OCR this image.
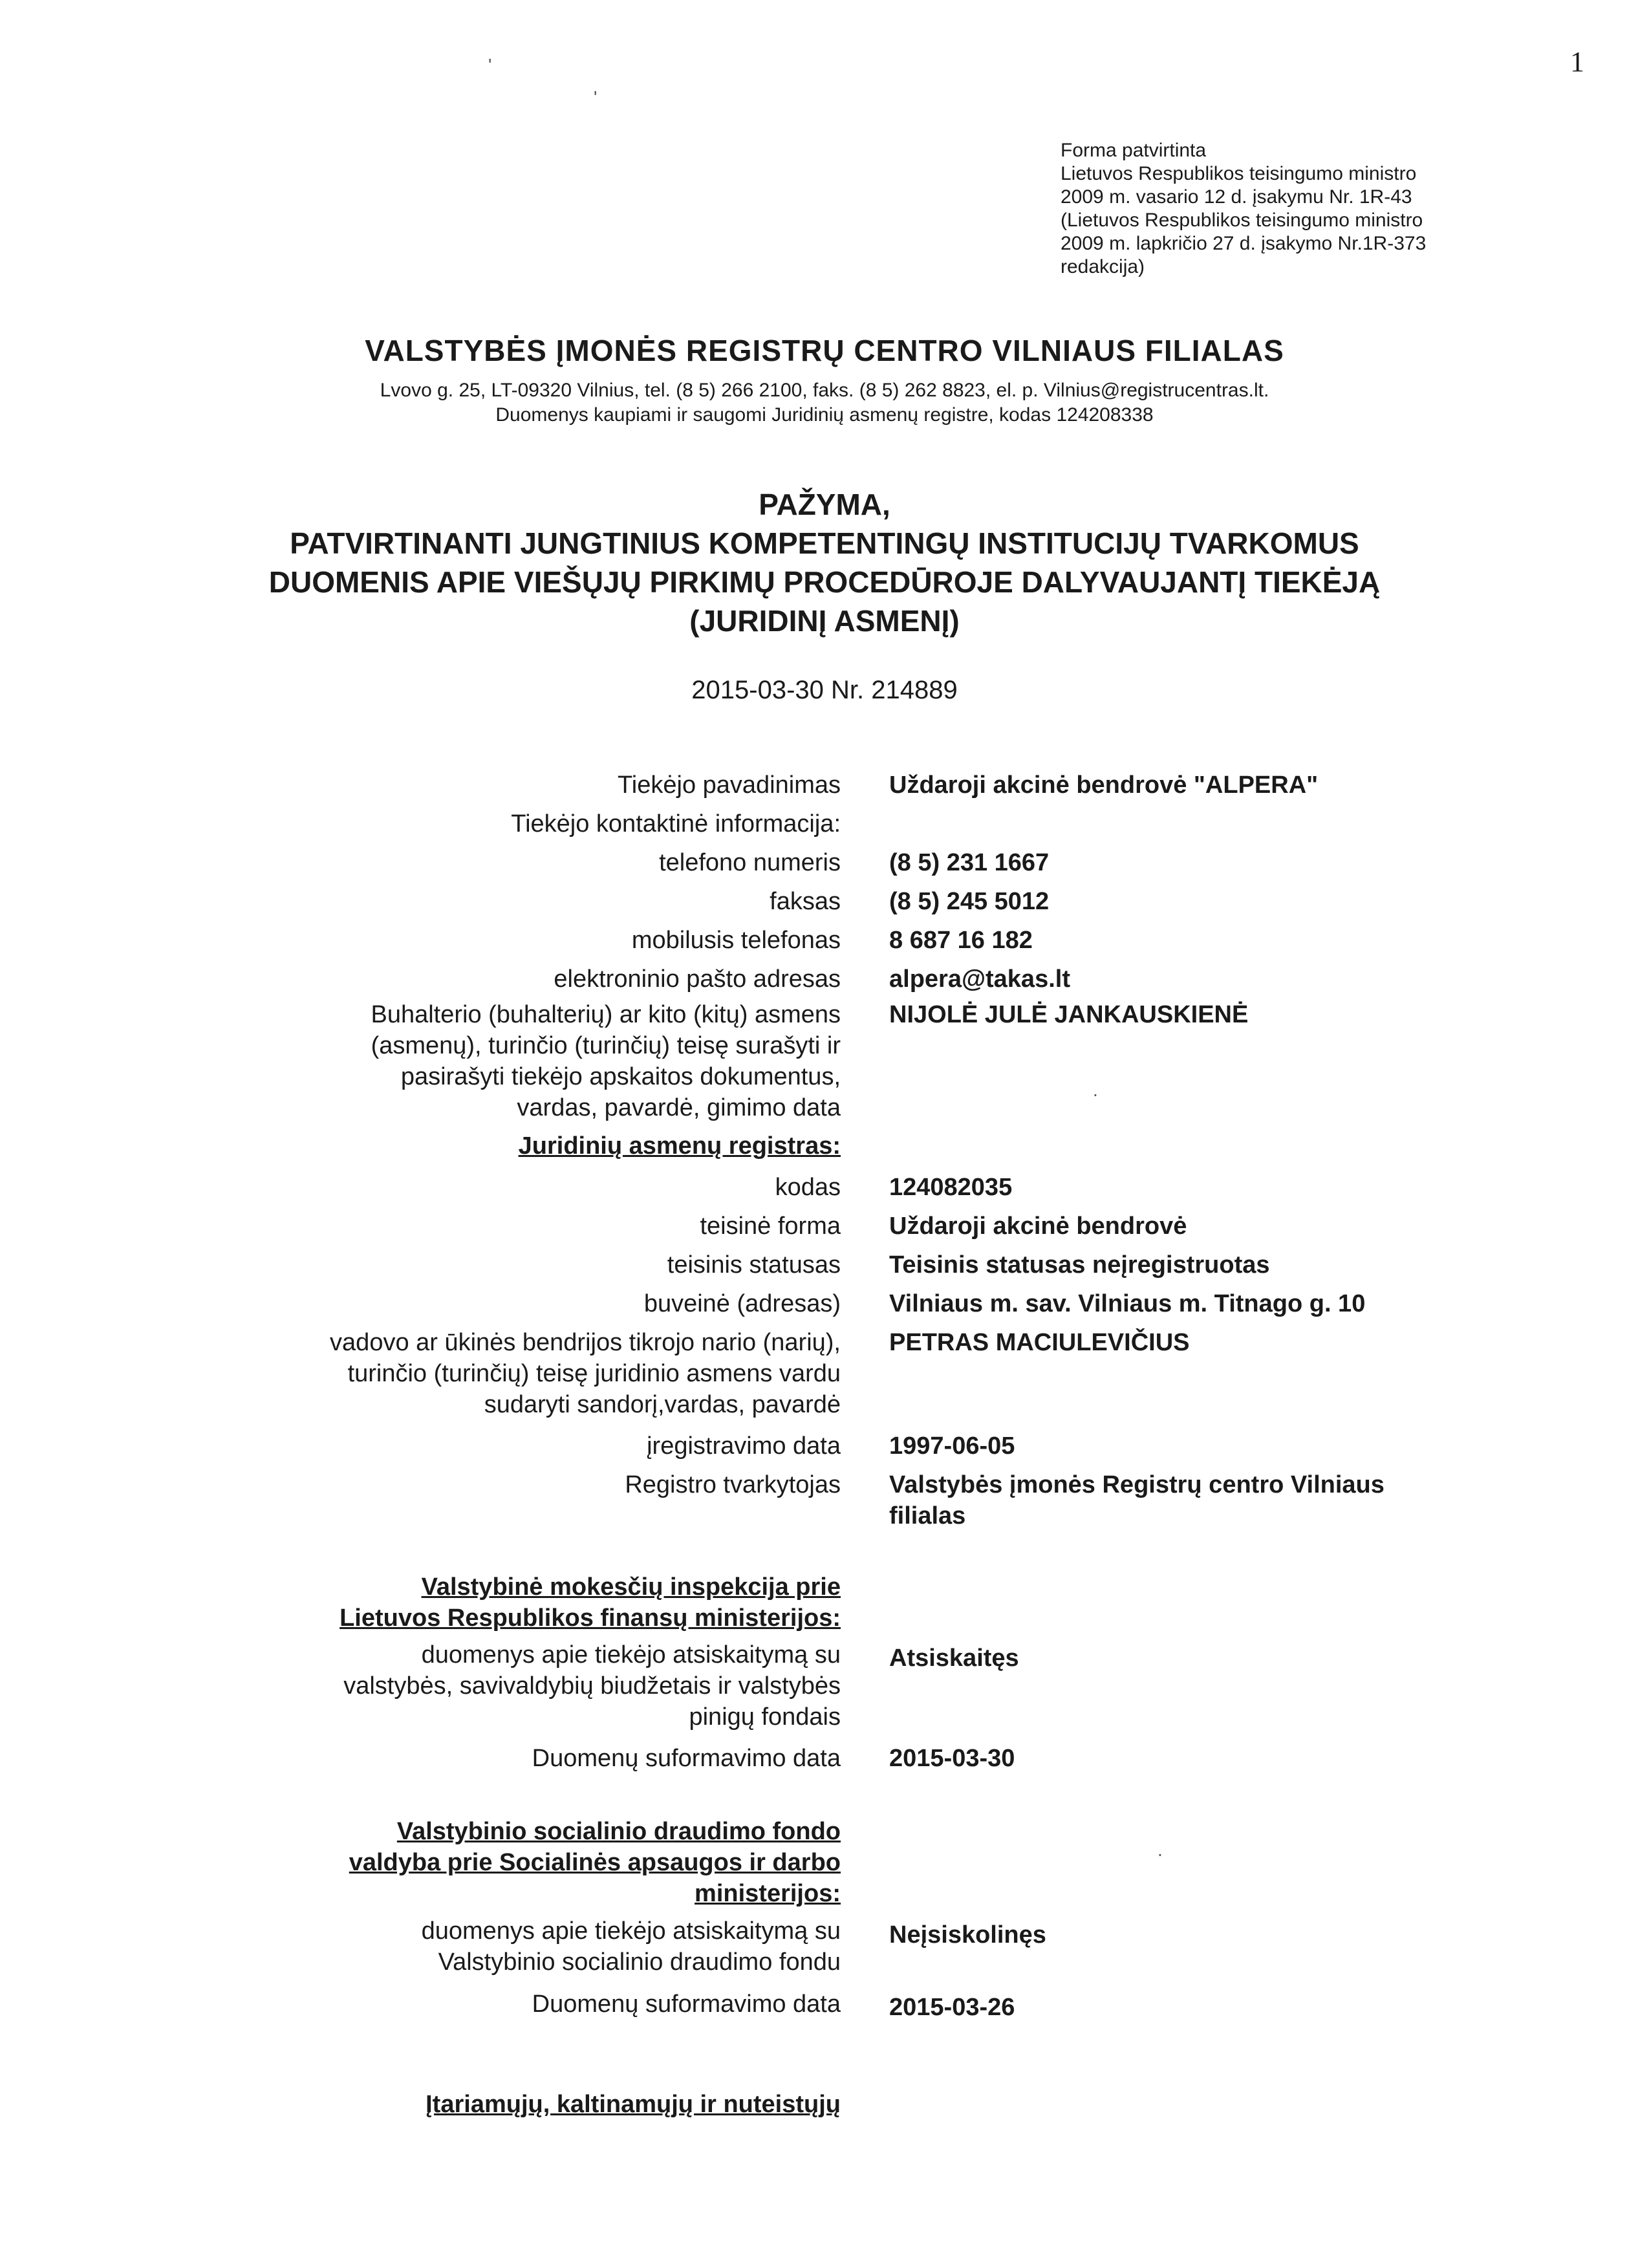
1
Forma patvirtinta
Lietuvos Respublikos teisingumo ministro
2009 m. vasario 12 d. įsakymu Nr. 1R-43
(Lietuvos Respublikos teisingumo ministro
2009 m. lapkričio 27 d. įsakymo Nr.1R-373
redakcija)
VALSTYBĖS ĮMONĖS REGISTRŲ CENTRO VILNIAUS FILIALAS
Lvovo g. 25, LT-09320 Vilnius, tel. (8 5) 266 2100, faks. (8 5) 262 8823, el. p. Vilnius@registrucentras.lt.
Duomenys kaupiami ir saugomi Juridinių asmenų registre, kodas 124208338
PAŽYMA,
PATVIRTINANTI JUNGTINIUS KOMPETENTINGŲ INSTITUCIJŲ TVARKOMUS
DUOMENIS APIE VIEŠŲJŲ PIRKIMŲ PROCEDŪROJE DALYVAUJANTĮ TIEKĖJĄ
(JURIDINĮ ASMENĮ)
2015-03-30 Nr. 214889
Tiekėjo pavadinimas Uždaroji akcinė bendrovė "ALPERA"
Tiekėjo kontaktinė informacija:
telefono numeris (8 5) 231 1667
faksas (8 5) 245 5012
mobilusis telefonas 8 687 16 182
elektroninio pašto adresas alpera@takas.lt
Buhalterio (buhalterių) ar kito (kitų) asmens
(asmenų), turinčio (turinčių) teisę surašyti ir
pasirašyti tiekėjo apskaitos dokumentus,
vardas, pavardė, gimimo data
NIJOLĖ JULĖ JANKAUSKIENĖ
Juridinių asmenų registras:
kodas 124082035
teisinė forma Uždaroji akcinė bendrovė
teisinis statusas Teisinis statusas neįregistruotas
buveinė (adresas) Vilniaus m. sav. Vilniaus m. Titnago g. 10
vadovo ar ūkinės bendrijos tikrojo nario (narių),
turinčio (turinčių) teisę juridinio asmens vardu
sudaryti sandorį,vardas, pavardė
PETRAS MACIULEVIČIUS
įregistravimo data 1997-06-05
Registro tvarkytojas Valstybės įmonės Registrų centro Vilniaus
filialas
Valstybinė mokesčių inspekcija prie
Lietuvos Respublikos finansų ministerijos:
duomenys apie tiekėjo atsiskaitymą su
valstybės, savivaldybių biudžetais ir valstybės
pinigų fondais
Atsiskaitęs
Duomenų suformavimo data 2015-03-30
Valstybinio socialinio draudimo fondo
valdyba prie Socialinės apsaugos ir darbo
ministerijos:
duomenys apie tiekėjo atsiskaitymą su
Valstybinio socialinio draudimo fondu
Neįsiskolinęs
Duomenų suformavimo data 2015-03-26
Įtariamųjų, kaltinamųjų ir nuteistųjų
'
'
.
.
